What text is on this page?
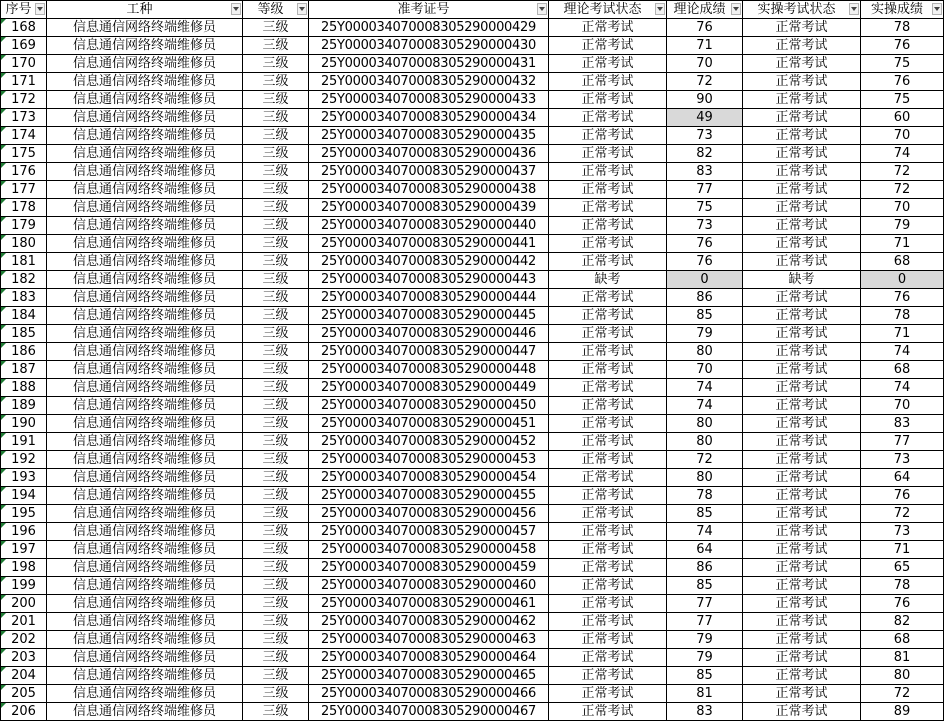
序号	工种	等级	准考证号	理论考试状态	理论成绩	实操考试状态	实操成绩

168	信息通信网络终端维修员	三级	25Y000034070008305290000429	正常考试	76	正常考试	78
169	信息通信网络终端维修员	三级	25Y000034070008305290000430	正常考试	71	正常考试	76
170	信息通信网络终端维修员	三级	25Y000034070008305290000431	正常考试	70	正常考试	75
171	信息通信网络终端维修员	三级	25Y000034070008305290000432	正常考试	72	正常考试	76
172	信息通信网络终端维修员	三级	25Y000034070008305290000433	正常考试	90	正常考试	75
173	信息通信网络终端维修员	三级	25Y000034070008305290000434	正常考试	49	正常考试	60
174	信息通信网络终端维修员	三级	25Y000034070008305290000435	正常考试	73	正常考试	70
175	信息通信网络终端维修员	三级	25Y000034070008305290000436	正常考试	82	正常考试	74
176	信息通信网络终端维修员	三级	25Y000034070008305290000437	正常考试	83	正常考试	72
177	信息通信网络终端维修员	三级	25Y000034070008305290000438	正常考试	77	正常考试	72
178	信息通信网络终端维修员	三级	25Y000034070008305290000439	正常考试	75	正常考试	70
179	信息通信网络终端维修员	三级	25Y000034070008305290000440	正常考试	73	正常考试	79
180	信息通信网络终端维修员	三级	25Y000034070008305290000441	正常考试	76	正常考试	71
181	信息通信网络终端维修员	三级	25Y000034070008305290000442	正常考试	76	正常考试	68
182	信息通信网络终端维修员	三级	25Y000034070008305290000443	缺考	0	缺考	0
183	信息通信网络终端维修员	三级	25Y000034070008305290000444	正常考试	86	正常考试	76
184	信息通信网络终端维修员	三级	25Y000034070008305290000445	正常考试	85	正常考试	78
185	信息通信网络终端维修员	三级	25Y000034070008305290000446	正常考试	79	正常考试	71
186	信息通信网络终端维修员	三级	25Y000034070008305290000447	正常考试	80	正常考试	74
187	信息通信网络终端维修员	三级	25Y000034070008305290000448	正常考试	70	正常考试	68
188	信息通信网络终端维修员	三级	25Y000034070008305290000449	正常考试	74	正常考试	74
189	信息通信网络终端维修员	三级	25Y000034070008305290000450	正常考试	74	正常考试	70
190	信息通信网络终端维修员	三级	25Y000034070008305290000451	正常考试	80	正常考试	83
191	信息通信网络终端维修员	三级	25Y000034070008305290000452	正常考试	80	正常考试	77
192	信息通信网络终端维修员	三级	25Y000034070008305290000453	正常考试	72	正常考试	73
193	信息通信网络终端维修员	三级	25Y000034070008305290000454	正常考试	80	正常考试	64
194	信息通信网络终端维修员	三级	25Y000034070008305290000455	正常考试	78	正常考试	76
195	信息通信网络终端维修员	三级	25Y000034070008305290000456	正常考试	85	正常考试	72
196	信息通信网络终端维修员	三级	25Y000034070008305290000457	正常考试	74	正常考试	73
197	信息通信网络终端维修员	三级	25Y000034070008305290000458	正常考试	64	正常考试	71
198	信息通信网络终端维修员	三级	25Y000034070008305290000459	正常考试	86	正常考试	65
199	信息通信网络终端维修员	三级	25Y000034070008305290000460	正常考试	85	正常考试	78
200	信息通信网络终端维修员	三级	25Y000034070008305290000461	正常考试	77	正常考试	76
201	信息通信网络终端维修员	三级	25Y000034070008305290000462	正常考试	77	正常考试	82
202	信息通信网络终端维修员	三级	25Y000034070008305290000463	正常考试	79	正常考试	68
203	信息通信网络终端维修员	三级	25Y000034070008305290000464	正常考试	79	正常考试	81
204	信息通信网络终端维修员	三级	25Y000034070008305290000465	正常考试	85	正常考试	80
205	信息通信网络终端维修员	三级	25Y000034070008305290000466	正常考试	81	正常考试	72
206	信息通信网络终端维修员	三级	25Y000034070008305290000467	正常考试	83	正常考试	89
